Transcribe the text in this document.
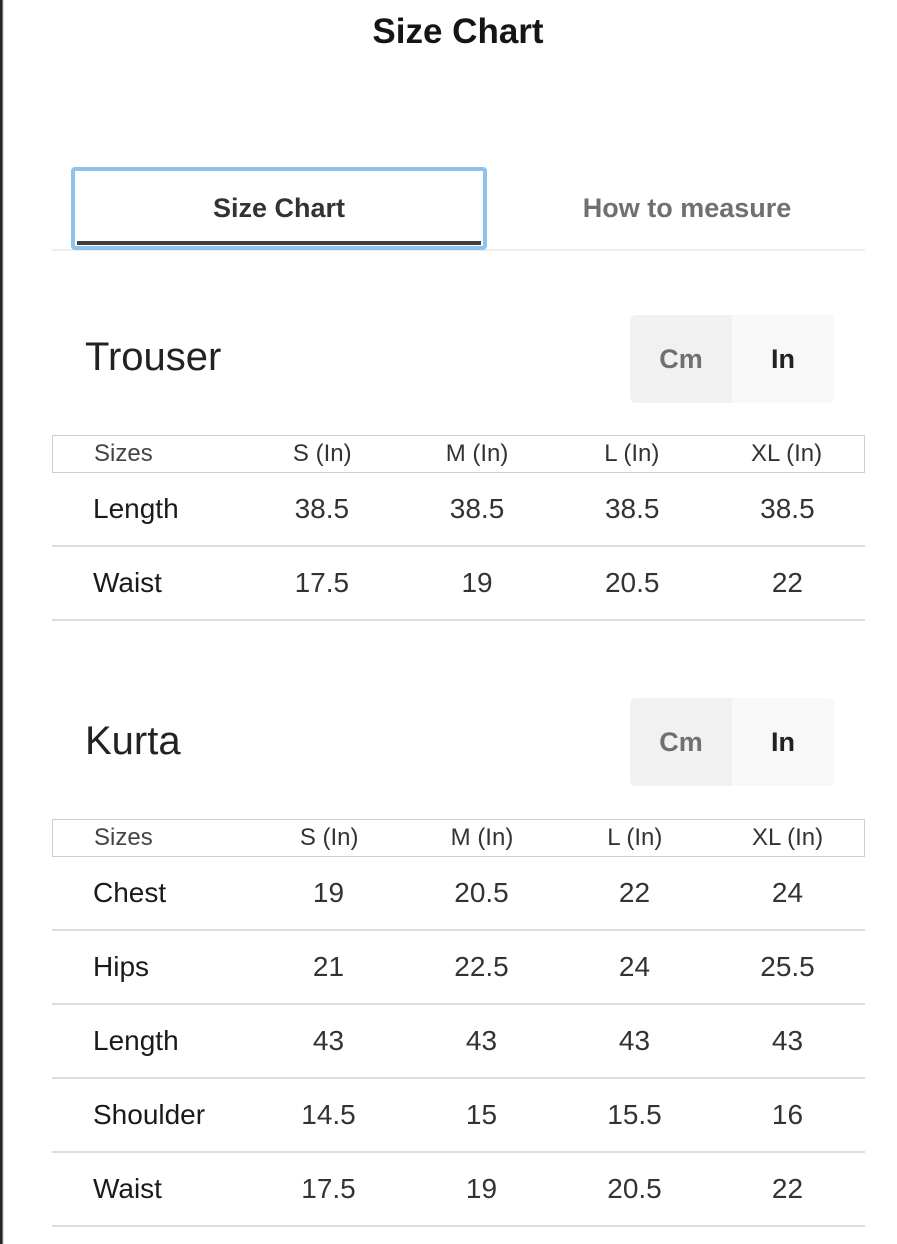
Size Chart
Size Chart	How to measure
Trouser	Cm	In
Sizes	S (In)	M (In)	L (In)	XL (In)
Length	38.5	38.5	38.5	38.5
Waist	17.5	19	20.5	22
Kurta	Cm	In
Sizes	S (In)	M (In)	L (In)	XL (In)
Chest	19	20.5	22	24
Hips	21	22.5	24	25.5
Length	43	43	43	43
Shoulder	14.5	15	15.5	16
Waist	17.5	19	20.5	22
